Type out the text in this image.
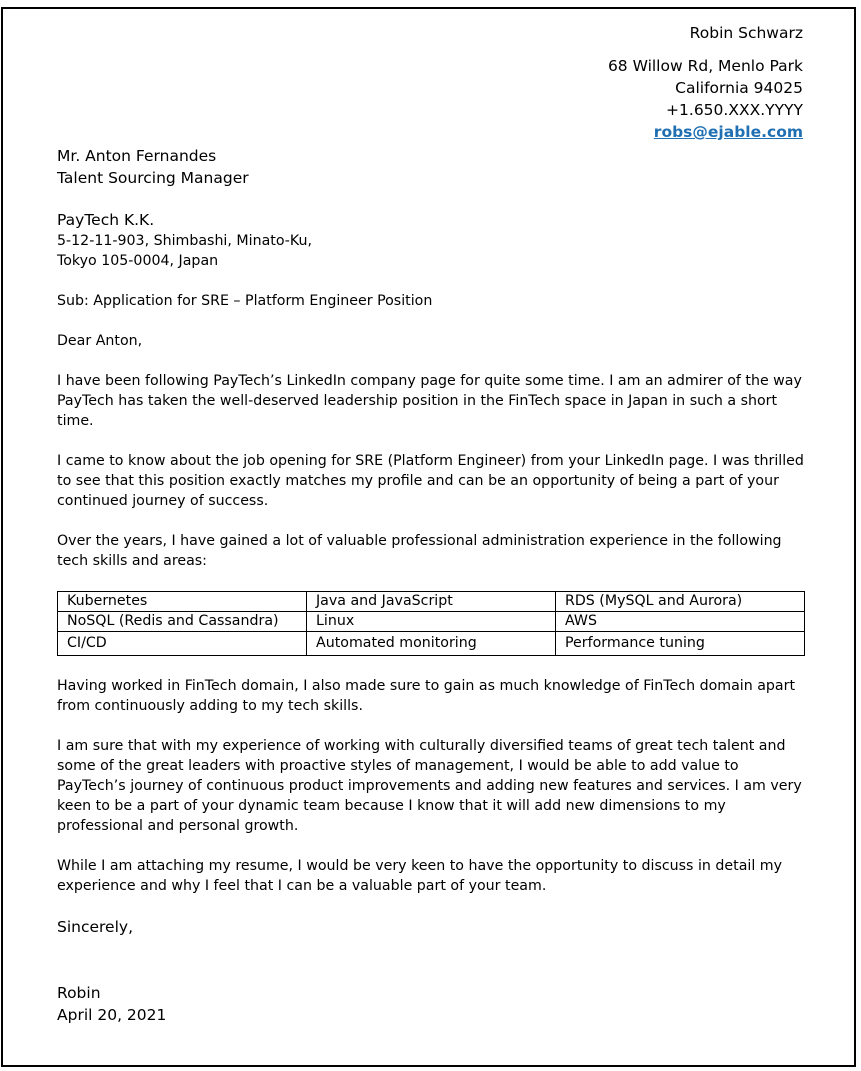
Robin Schwarz
68 Willow Rd, Menlo Park
California 94025
+1.650.XXX.YYYY
robs@ejable.com
Mr. Anton Fernandes
Talent Sourcing Manager
PayTech K.K.
5-12-11-903, Shimbashi, Minato-Ku,
Tokyo 105-0004, Japan

Sub: Application for SRE – Platform Engineer Position

Dear Anton,

I have been following PayTech’s LinkedIn company page for quite some time. I am an admirer of the way PayTech has taken the well-deserved leadership position in the FinTech space in Japan in such a short time.

I came to know about the job opening for SRE (Platform Engineer) from your LinkedIn page. I was thrilled to see that this position exactly matches my profile and can be an opportunity of being a part of your continued journey of success.

Over the years, I have gained a lot of valuable professional administration experience in the following tech skills and areas:

Kubernetes	Java and JavaScript	RDS (MySQL and Aurora)
NoSQL (Redis and Cassandra)	Linux	AWS
CI/CD	Automated monitoring	Performance tuning

Having worked in FinTech domain, I also made sure to gain as much knowledge of FinTech domain apart from continuously adding to my tech skills.

I am sure that with my experience of working with culturally diversified teams of great tech talent and some of the great leaders with proactive styles of management, I would be able to add value to PayTech’s journey of continuous product improvements and adding new features and services. I am very keen to be a part of your dynamic team because I know that it will add new dimensions to my professional and personal growth.

While I am attaching my resume, I would be very keen to have the opportunity to discuss in detail my experience and why I feel that I can be a valuable part of your team.

Sincerely,
Robin
April 20, 2021
